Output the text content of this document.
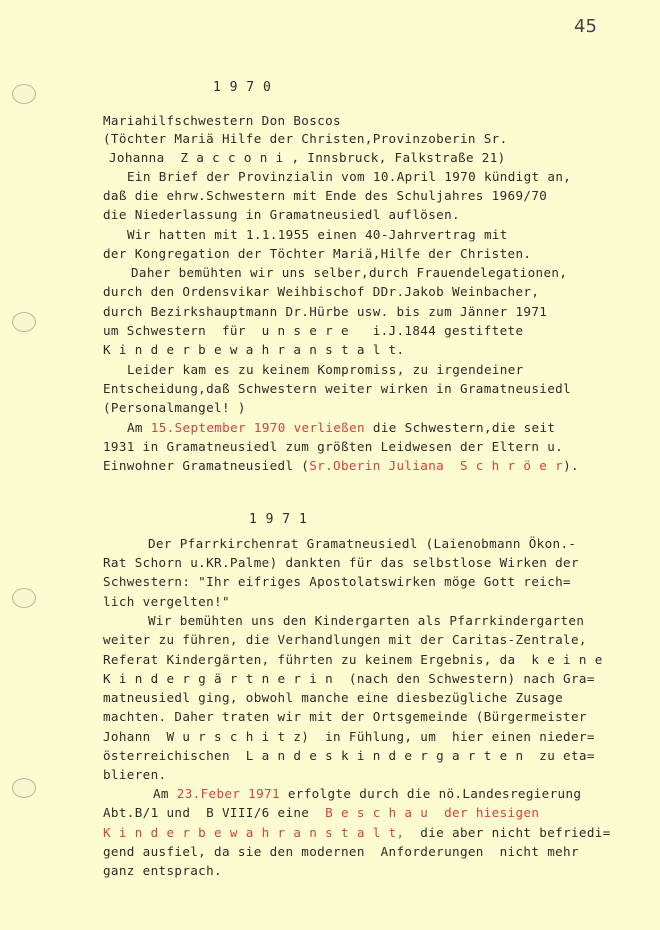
45
1 9 7 0
1 9 7 1
Mariahilfschwestern Don Boscos
(Töchter Mariä Hilfe der Christen,Provinzoberin Sr.
Johanna  Z a c c o n i , Innsbruck, Falkstraße 21)
Ein Brief der Provinzialin vom 10.April 1970 kündigt an,
daß die ehrw.Schwestern mit Ende des Schuljahres 1969/70
die Niederlassung in Gramatneusiedl auflösen.
Wir hatten mit 1.1.1955 einen 40-Jahrvertrag mit
der Kongregation der Töchter Mariä,Hilfe der Christen.
Daher bemühten wir uns selber,durch Frauendelegationen,
durch den Ordensvikar Weihbischof DDr.Jakob Weinbacher,
durch Bezirkshauptmann Dr.Hürbe usw. bis zum Jänner 1971
um Schwestern  für  u n s e r e   i.J.1844 gestiftete
K i n d e r b e w a h r a n s t a l t.
Leider kam es zu keinem Kompromiss, zu irgendeiner
Entscheidung,daß Schwestern weiter wirken in Gramatneusiedl
(Personalmangel! )
Am 15.September 1970 verließen die Schwestern,die seit
1931 in Gramatneusiedl zum größten Leidwesen der Eltern u.
Einwohner Gramatneusiedl (Sr.Oberin Juliana  S c h r ö e r).
Der Pfarrkirchenrat Gramatneusiedl (Laienobmann Ökon.-
Rat Schorn u.KR.Palme) dankten für das selbstlose Wirken der
Schwestern: "Ihr eifriges Apostolatswirken möge Gott reich=
lich vergelten!"
Wir bemühten uns den Kindergarten als Pfarrkindergarten
weiter zu führen, die Verhandlungen mit der Caritas-Zentrale,
Referat Kindergärten, führten zu keinem Ergebnis, da  k e i n e
K i n d e r g ä r t n e r i n  (nach den Schwestern) nach Gra=
matneusiedl ging, obwohl manche eine diesbezügliche Zusage
machten. Daher traten wir mit der Ortsgemeinde (Bürgermeister
Johann  W u r s c h i t z)  in Fühlung, um  hier einen nieder=
österreichischen  L a n d e s k i n d e r g a r t e n  zu eta=
blieren.
Am 23.Feber 1971 erfolgte durch die nö.Landesregierung
Abt.B/1 und  B VIII/6 eine  B e s c h a u  der hiesigen
K i n d e r b e w a h r a n s t a l t,  die aber nicht befriedi=
gend ausfiel, da sie den modernen  Anforderungen  nicht mehr
ganz entsprach.
